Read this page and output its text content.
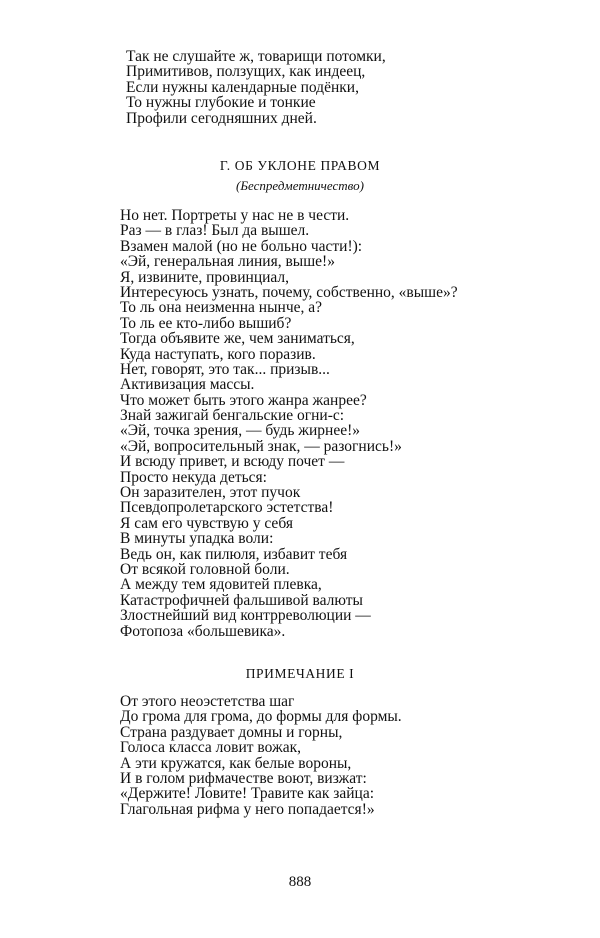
Так не слушайте ж, товарищи потомки,
Примитивов, ползущих, как индеец,
Если нужны календарные подёнки,
То нужны глубокие и тонкие
Профили сегодняшних дней.
Г. ОБ УКЛОНЕ ПРАВОМ
(Беспредметничество)
Но нет. Портреты у нас не в чести.
Раз — в глаз! Был да вышел.
Взамен малой (но не больно части!):
«Эй, генеральная линия, выше!»
Я, извините, провинциал,
Интересуюсь узнать, почему, собственно, «выше»?
То ль она неизменна нынче, а?
То ль ее кто-либо вышиб?
Тогда объявите же, чем заниматься,
Куда наступать, кого поразив.
Нет, говорят, это так... призыв...
Активизация массы.
Что может быть этого жанра жанрее?
Знай зажигай бенгальские огни-с:
«Эй, точка зрения, — будь жирнее!»
«Эй, вопросительный знак, — разогнись!»
И всюду привет, и всюду почет —
Просто некуда деться:
Он заразителен, этот пучок
Псевдопролетарского эстетства!
Я сам его чувствую у себя
В минуты упадка воли:
Ведь он, как пилюля, избавит тебя
От всякой головной боли.
А между тем ядовитей плевка,
Катастрофичней фальшивой валюты
Злостнейший вид контрреволюции —
Фотопоза «большевика».
ПРИМЕЧАНИЕ I
От этого неоэстетства шаг
До грома для грома, до формы для формы.
Страна раздувает домны и горны,
Голоса класса ловит вожак,
А эти кружатся, как белые вороны,
И в голом рифмачестве воют, визжат:
«Держите! Ловите! Травите как зайца:
Глагольная рифма у него попадается!»
888
